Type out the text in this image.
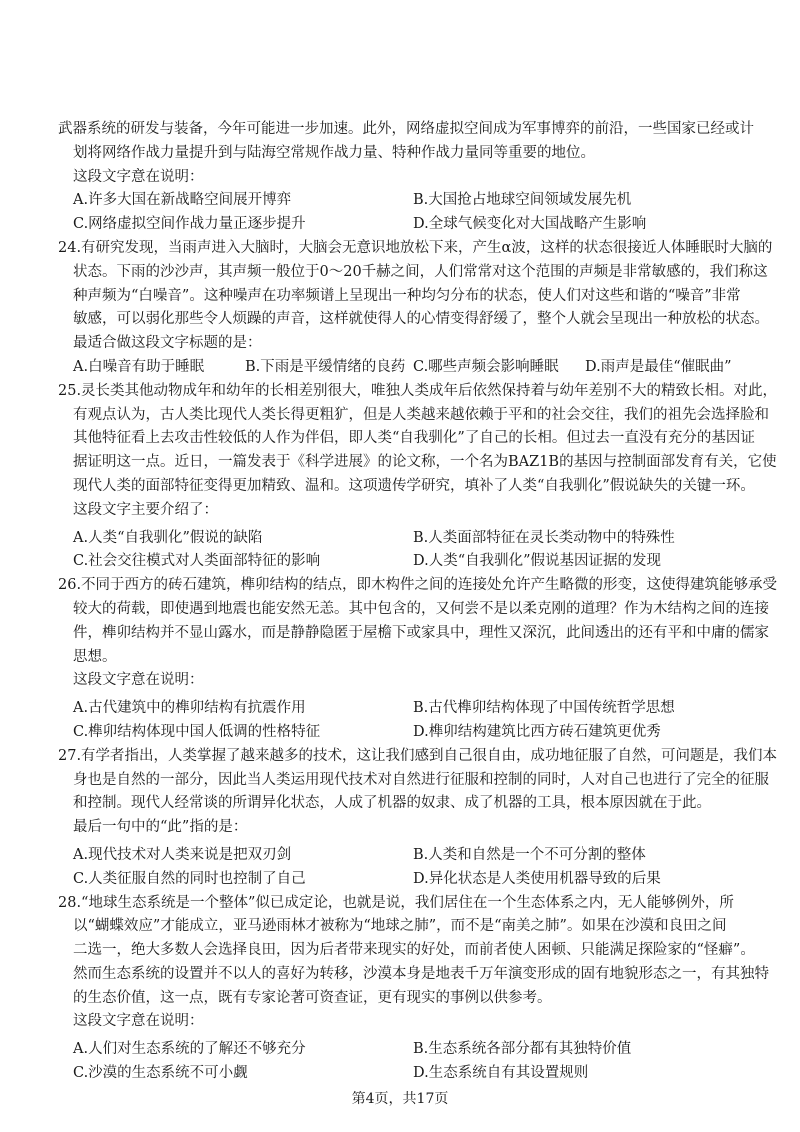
武器系统的研发与装备，今年可能进一步加速。此外，网络虚拟空间成为军事博弈的前沿，一些国家已经或计
划将网络作战力量提升到与陆海空常规作战力量、特种作战力量同等重要的地位。
这段文字意在说明：
A.许多大国在新战略空间展开博弈	B.大国抢占地球空间领域发展先机
C.网络虚拟空间作战力量正逐步提升	D.全球气候变化对大国战略产生影响
24.有研究发现，当雨声进入大脑时，大脑会无意识地放松下来，产生α波，这样的状态很接近人体睡眠时大脑的
状态。下雨的沙沙声，其声频一般位于0～20千赫之间，人们常常对这个范围的声频是非常敏感的，我们称这
种声频为“白噪音”。这种噪声在功率频谱上呈现出一种均匀分布的状态，使人们对这些和谐的“噪音”非常
敏感，可以弱化那些令人烦躁的声音，这样就使得人的心情变得舒缓了，整个人就会呈现出一种放松的状态。
最适合做这段文字标题的是：
A.白噪音有助于睡眠	B.下雨是平缓情绪的良药 C.哪些声频会影响睡眠	D.雨声是最佳“催眠曲”
25.灵长类其他动物成年和幼年的长相差别很大，唯独人类成年后依然保持着与幼年差别不大的精致长相。对此，
有观点认为，古人类比现代人类长得更粗犷，但是人类越来越依赖于平和的社会交往，我们的祖先会选择脸和
其他特征看上去攻击性较低的人作为伴侣，即人类“自我驯化”了自己的长相。但过去一直没有充分的基因证
据证明这一点。近日，一篇发表于《科学进展》的论文称，一个名为BAZ1B的基因与控制面部发育有关，它使
现代人类的面部特征变得更加精致、温和。这项遗传学研究，填补了人类“自我驯化”假说缺失的关键一环。
这段文字主要介绍了：
A.人类“自我驯化”假说的缺陷	B.人类面部特征在灵长类动物中的特殊性
C.社会交往模式对人类面部特征的影响	D.人类“自我驯化”假说基因证据的发现
26.不同于西方的砖石建筑，榫卯结构的结点，即木构件之间的连接处允许产生略微的形变，这使得建筑能够承受
较大的荷载，即使遇到地震也能安然无恙。其中包含的，又何尝不是以柔克刚的道理？作为木结构之间的连接
件，榫卯结构并不显山露水，而是静静隐匿于屋檐下或家具中，理性又深沉，此间透出的还有平和中庸的儒家
思想。
这段文字意在说明：
A.古代建筑中的榫卯结构有抗震作用	B.古代榫卯结构体现了中国传统哲学思想
C.榫卯结构体现中国人低调的性格特征	D.榫卯结构建筑比西方砖石建筑更优秀
27.有学者指出，人类掌握了越来越多的技术，这让我们感到自己很自由，成功地征服了自然，可问题是，我们本
身也是自然的一部分，因此当人类运用现代技术对自然进行征服和控制的同时，人对自己也进行了完全的征服
和控制。现代人经常谈的所谓异化状态，人成了机器的奴隶、成了机器的工具，根本原因就在于此。
最后一句中的“此”指的是：
A.现代技术对人类来说是把双刃剑	B.人类和自然是一个不可分割的整体
C.人类征服自然的同时也控制了自己	D.异化状态是人类使用机器导致的后果
28.“地球生态系统是一个整体”似已成定论，也就是说，我们居住在一个生态体系之内，无人能够例外，所
以“蝴蝶效应”才能成立，亚马逊雨林才被称为“地球之肺”，而不是“南美之肺”。如果在沙漠和良田之间
二选一，绝大多数人会选择良田，因为后者带来现实的好处，而前者使人困顿、只能满足探险家的“怪癖”。
然而生态系统的设置并不以人的喜好为转移，沙漠本身是地表千万年演变形成的固有地貌形态之一，有其独特
的生态价值，这一点，既有专家论著可资查证，更有现实的事例以供参考。
这段文字意在说明：
A.人们对生态系统的了解还不够充分	B.生态系统各部分都有其独特价值
C.沙漠的生态系统不可小觑	D.生态系统自有其设置规则
第4页，共17页
